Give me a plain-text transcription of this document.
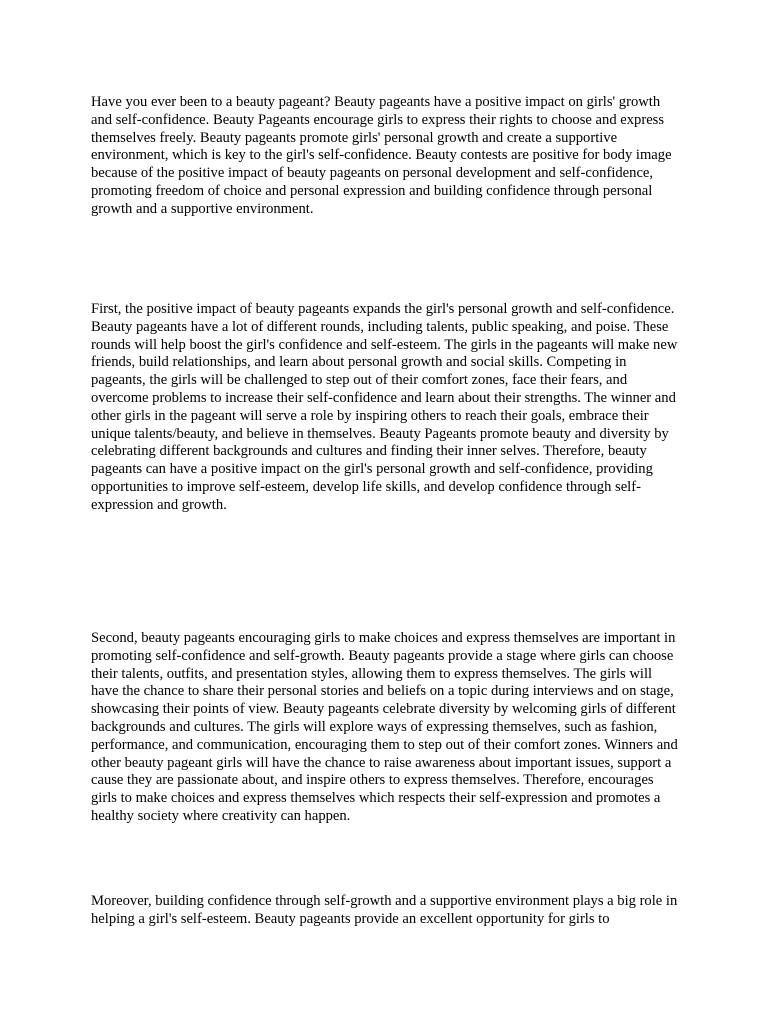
Have you ever been to a beauty pageant? Beauty pageants have a positive impact on girls' growth and self-confidence. Beauty Pageants encourage girls to express their rights to choose and express themselves freely. Beauty pageants promote girls' personal growth and create a supportive environment, which is key to the girl's self-confidence. Beauty contests are positive for body image because of the positive impact of beauty pageants on personal development and self-confidence, promoting freedom of choice and personal expression and building confidence through personal growth and a supportive environment.

First, the positive impact of beauty pageants expands the girl's personal growth and self-confidence. Beauty pageants have a lot of different rounds, including talents, public speaking, and poise. These rounds will help boost the girl's confidence and self-esteem. The girls in the pageants will make new friends, build relationships, and learn about personal growth and social skills. Competing in pageants, the girls will be challenged to step out of their comfort zones, face their fears, and overcome problems to increase their self-confidence and learn about their strengths. The winner and other girls in the pageant will serve a role by inspiring others to reach their goals, embrace their unique talents/beauty, and believe in themselves. Beauty Pageants promote beauty and diversity by celebrating different backgrounds and cultures and finding their inner selves. Therefore, beauty pageants can have a positive impact on the girl's personal growth and self-confidence, providing opportunities to improve self-esteem, develop life skills, and develop confidence through self-expression and growth.

Second, beauty pageants encouraging girls to make choices and express themselves are important in promoting self-confidence and self-growth. Beauty pageants provide a stage where girls can choose their talents, outfits, and presentation styles, allowing them to express themselves. The girls will have the chance to share their personal stories and beliefs on a topic during interviews and on stage, showcasing their points of view. Beauty pageants celebrate diversity by welcoming girls of different backgrounds and cultures. The girls will explore ways of expressing themselves, such as fashion, performance, and communication, encouraging them to step out of their comfort zones. Winners and other beauty pageant girls will have the chance to raise awareness about important issues, support a cause they are passionate about, and inspire others to express themselves. Therefore, encourages girls to make choices and express themselves which respects their self-expression and promotes a healthy society where creativity can happen.

Moreover, building confidence through self-growth and a supportive environment plays a big role in helping a girl's self-esteem. Beauty pageants provide an excellent opportunity for girls to
